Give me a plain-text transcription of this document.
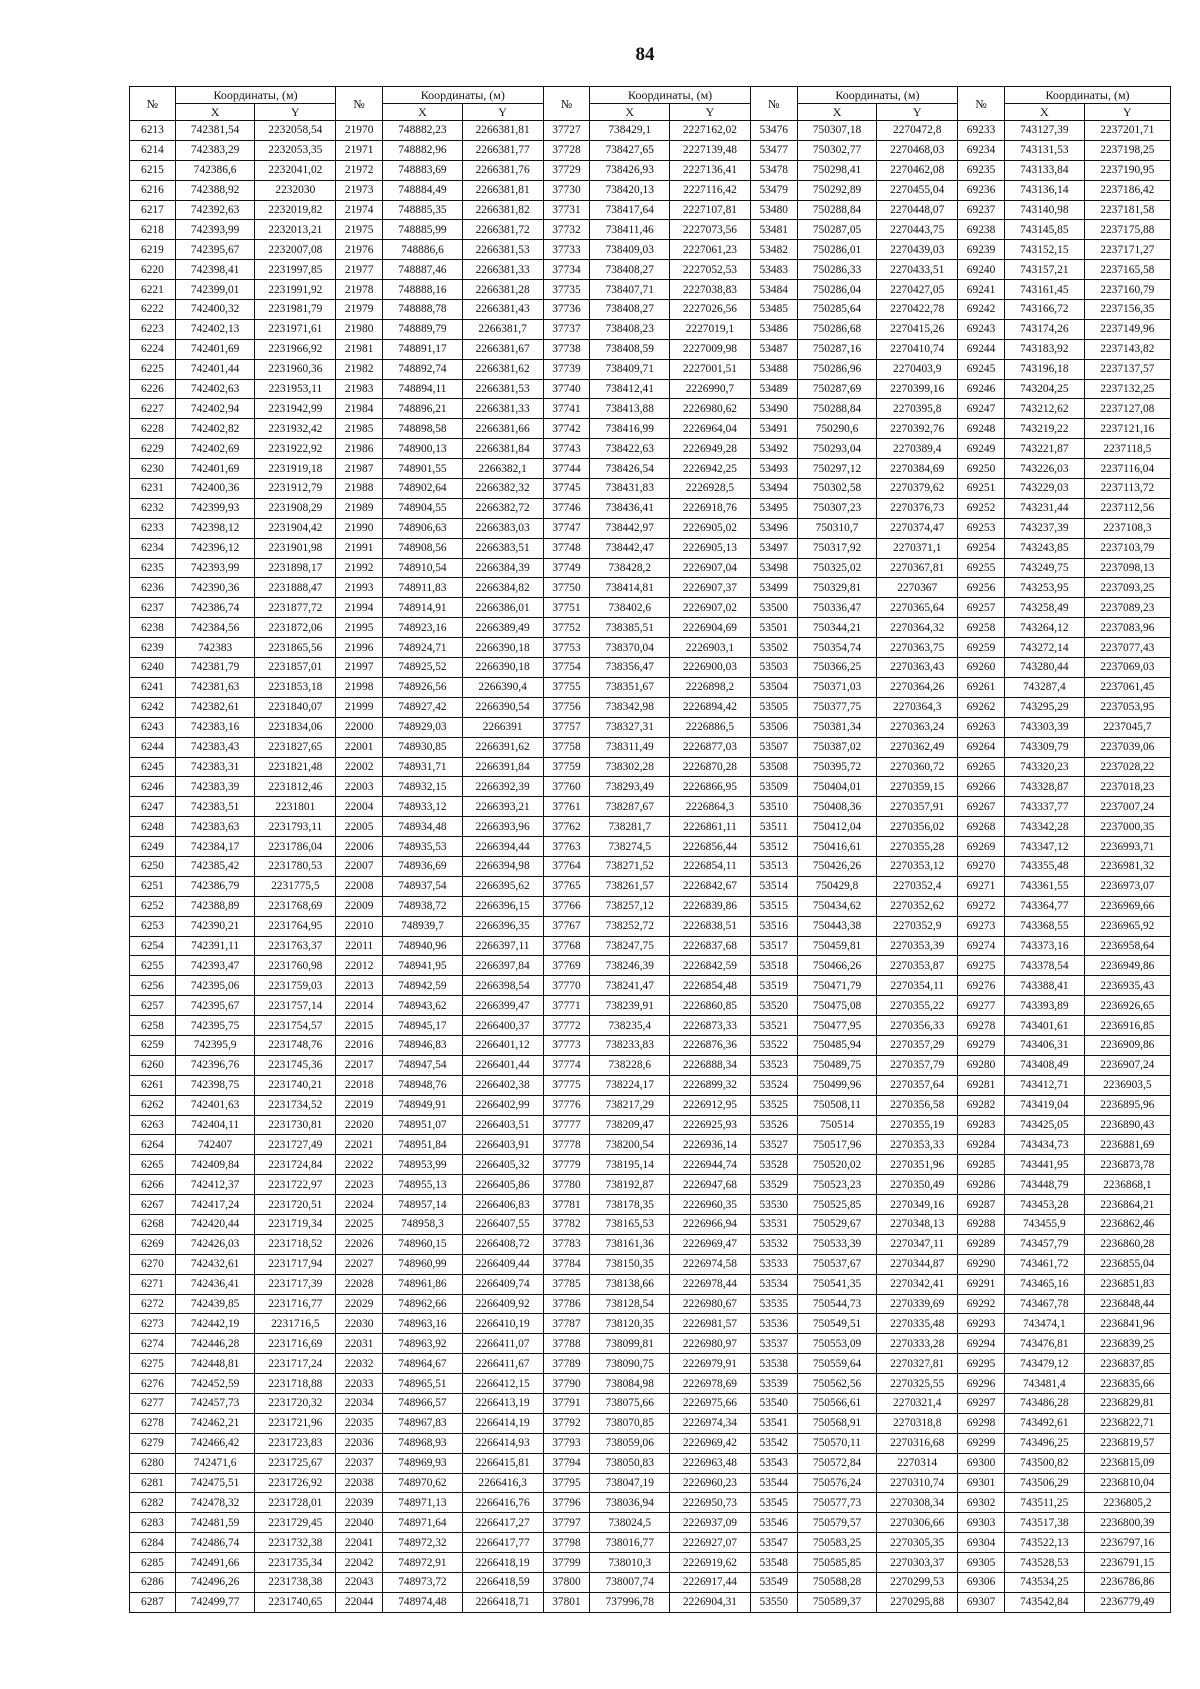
84
№	Координаты, (м)		№	Координаты, (м)		№	Координаты, (м)		№	Координаты, (м)		№	Координаты, (м)	
	X	Y		X	Y		X	Y		X	Y		X	Y
6213	742381,54	2232058,54	21970	748882,23	2266381,81	37727	738429,1	2227162,02	53476	750307,18	2270472,8	69233	743127,39	2237201,71
6214	742383,29	2232053,35	21971	748882,96	2266381,77	37728	738427,65	2227139,48	53477	750302,77	2270468,03	69234	743131,53	2237198,25
6215	742386,6	2232041,02	21972	748883,69	2266381,76	37729	738426,93	2227136,41	53478	750298,41	2270462,08	69235	743133,84	2237190,95
6216	742388,92	2232030	21973	748884,49	2266381,81	37730	738420,13	2227116,42	53479	750292,89	2270455,04	69236	743136,14	2237186,42
6217	742392,63	2232019,82	21974	748885,35	2266381,82	37731	738417,64	2227107,81	53480	750288,84	2270448,07	69237	743140,98	2237181,58
6218	742393,99	2232013,21	21975	748885,99	2266381,72	37732	738411,46	2227073,56	53481	750287,05	2270443,75	69238	743145,85	2237175,88
6219	742395,67	2232007,08	21976	748886,6	2266381,53	37733	738409,03	2227061,23	53482	750286,01	2270439,03	69239	743152,15	2237171,27
6220	742398,41	2231997,85	21977	748887,46	2266381,33	37734	738408,27	2227052,53	53483	750286,33	2270433,51	69240	743157,21	2237165,58
6221	742399,01	2231991,92	21978	748888,16	2266381,28	37735	738407,71	2227038,83	53484	750286,04	2270427,05	69241	743161,45	2237160,79
6222	742400,32	2231981,79	21979	748888,78	2266381,43	37736	738408,27	2227026,56	53485	750285,64	2270422,78	69242	743166,72	2237156,35
6223	742402,13	2231971,61	21980	748889,79	2266381,7	37737	738408,23	2227019,1	53486	750286,68	2270415,26	69243	743174,26	2237149,96
6224	742401,69	2231966,92	21981	748891,17	2266381,67	37738	738408,59	2227009,98	53487	750287,16	2270410,74	69244	743183,92	2237143,82
6225	742401,44	2231960,36	21982	748892,74	2266381,62	37739	738409,71	2227001,51	53488	750286,96	2270403,9	69245	743196,18	2237137,57
6226	742402,63	2231953,11	21983	748894,11	2266381,53	37740	738412,41	2226990,7	53489	750287,69	2270399,16	69246	743204,25	2237132,25
6227	742402,94	2231942,99	21984	748896,21	2266381,33	37741	738413,88	2226980,62	53490	750288,84	2270395,8	69247	743212,62	2237127,08
6228	742402,82	2231932,42	21985	748898,58	2266381,66	37742	738416,99	2226964,04	53491	750290,6	2270392,76	69248	743219,22	2237121,16
6229	742402,69	2231922,92	21986	748900,13	2266381,84	37743	738422,63	2226949,28	53492	750293,04	2270389,4	69249	743221,87	2237118,5
6230	742401,69	2231919,18	21987	748901,55	2266382,1	37744	738426,54	2226942,25	53493	750297,12	2270384,69	69250	743226,03	2237116,04
6231	742400,36	2231912,79	21988	748902,64	2266382,32	37745	738431,83	2226928,5	53494	750302,58	2270379,62	69251	743229,03	2237113,72
6232	742399,93	2231908,29	21989	748904,55	2266382,72	37746	738436,41	2226918,76	53495	750307,23	2270376,73	69252	743231,44	2237112,56
6233	742398,12	2231904,42	21990	748906,63	2266383,03	37747	738442,97	2226905,02	53496	750310,7	2270374,47	69253	743237,39	2237108,3
6234	742396,12	2231901,98	21991	748908,56	2266383,51	37748	738442,47	2226905,13	53497	750317,92	2270371,1	69254	743243,85	2237103,79
6235	742393,99	2231898,17	21992	748910,54	2266384,39	37749	738428,2	2226907,04	53498	750325,02	2270367,81	69255	743249,75	2237098,13
6236	742390,36	2231888,47	21993	748911,83	2266384,82	37750	738414,81	2226907,37	53499	750329,81	2270367	69256	743253,95	2237093,25
6237	742386,74	2231877,72	21994	748914,91	2266386,01	37751	738402,6	2226907,02	53500	750336,47	2270365,64	69257	743258,49	2237089,23
6238	742384,56	2231872,06	21995	748923,16	2266389,49	37752	738385,51	2226904,69	53501	750344,21	2270364,32	69258	743264,12	2237083,96
6239	742383	2231865,56	21996	748924,71	2266390,18	37753	738370,04	2226903,1	53502	750354,74	2270363,75	69259	743272,14	2237077,43
6240	742381,79	2231857,01	21997	748925,52	2266390,18	37754	738356,47	2226900,03	53503	750366,25	2270363,43	69260	743280,44	2237069,03
6241	742381,63	2231853,18	21998	748926,56	2266390,4	37755	738351,67	2226898,2	53504	750371,03	2270364,26	69261	743287,4	2237061,45
6242	742382,61	2231840,07	21999	748927,42	2266390,54	37756	738342,98	2226894,42	53505	750377,75	2270364,3	69262	743295,29	2237053,95
6243	742383,16	2231834,06	22000	748929,03	2266391	37757	738327,31	2226886,5	53506	750381,34	2270363,24	69263	743303,39	2237045,7
6244	742383,43	2231827,65	22001	748930,85	2266391,62	37758	738311,49	2226877,03	53507	750387,02	2270362,49	69264	743309,79	2237039,06
6245	742383,31	2231821,48	22002	748931,71	2266391,84	37759	738302,28	2226870,28	53508	750395,72	2270360,72	69265	743320,23	2237028,22
6246	742383,39	2231812,46	22003	748932,15	2266392,39	37760	738293,49	2226866,95	53509	750404,01	2270359,15	69266	743328,87	2237018,23
6247	742383,51	2231801	22004	748933,12	2266393,21	37761	738287,67	2226864,3	53510	750408,36	2270357,91	69267	743337,77	2237007,24
6248	742383,63	2231793,11	22005	748934,48	2266393,96	37762	738281,7	2226861,11	53511	750412,04	2270356,02	69268	743342,28	2237000,35
6249	742384,17	2231786,04	22006	748935,53	2266394,44	37763	738274,5	2226856,44	53512	750416,61	2270355,28	69269	743347,12	2236993,71
6250	742385,42	2231780,53	22007	748936,69	2266394,98	37764	738271,52	2226854,11	53513	750426,26	2270353,12	69270	743355,48	2236981,32
6251	742386,79	2231775,5	22008	748937,54	2266395,62	37765	738261,57	2226842,67	53514	750429,8	2270352,4	69271	743361,55	2236973,07
6252	742388,89	2231768,69	22009	748938,72	2266396,15	37766	738257,12	2226839,86	53515	750434,62	2270352,62	69272	743364,77	2236969,66
6253	742390,21	2231764,95	22010	748939,7	2266396,35	37767	738252,72	2226838,51	53516	750443,38	2270352,9	69273	743368,55	2236965,92
6254	742391,11	2231763,37	22011	748940,96	2266397,11	37768	738247,75	2226837,68	53517	750459,81	2270353,39	69274	743373,16	2236958,64
6255	742393,47	2231760,98	22012	748941,95	2266397,84	37769	738246,39	2226842,59	53518	750466,26	2270353,87	69275	743378,54	2236949,86
6256	742395,06	2231759,03	22013	748942,59	2266398,54	37770	738241,47	2226854,48	53519	750471,79	2270354,11	69276	743388,41	2236935,43
6257	742395,67	2231757,14	22014	748943,62	2266399,47	37771	738239,91	2226860,85	53520	750475,08	2270355,22	69277	743393,89	2236926,65
6258	742395,75	2231754,57	22015	748945,17	2266400,37	37772	738235,4	2226873,33	53521	750477,95	2270356,33	69278	743401,61	2236916,85
6259	742395,9	2231748,76	22016	748946,83	2266401,12	37773	738233,83	2226876,36	53522	750485,94	2270357,29	69279	743406,31	2236909,86
6260	742396,76	2231745,36	22017	748947,54	2266401,44	37774	738228,6	2226888,34	53523	750489,75	2270357,79	69280	743408,49	2236907,24
6261	742398,75	2231740,21	22018	748948,76	2266402,38	37775	738224,17	2226899,32	53524	750499,96	2270357,64	69281	743412,71	2236903,5
6262	742401,63	2231734,52	22019	748949,91	2266402,99	37776	738217,29	2226912,95	53525	750508,11	2270356,58	69282	743419,04	2236895,96
6263	742404,11	2231730,81	22020	748951,07	2266403,51	37777	738209,47	2226925,93	53526	750514	2270355,19	69283	743425,05	2236890,43
6264	742407	2231727,49	22021	748951,84	2266403,91	37778	738200,54	2226936,14	53527	750517,96	2270353,33	69284	743434,73	2236881,69
6265	742409,84	2231724,84	22022	748953,99	2266405,32	37779	738195,14	2226944,74	53528	750520,02	2270351,96	69285	743441,95	2236873,78
6266	742412,37	2231722,97	22023	748955,13	2266405,86	37780	738192,87	2226947,68	53529	750523,23	2270350,49	69286	743448,79	2236868,1
6267	742417,24	2231720,51	22024	748957,14	2266406,83	37781	738178,35	2226960,35	53530	750525,85	2270349,16	69287	743453,28	2236864,21
6268	742420,44	2231719,34	22025	748958,3	2266407,55	37782	738165,53	2226966,94	53531	750529,67	2270348,13	69288	743455,9	2236862,46
6269	742426,03	2231718,52	22026	748960,15	2266408,72	37783	738161,36	2226969,47	53532	750533,39	2270347,11	69289	743457,79	2236860,28
6270	742432,61	2231717,94	22027	748960,99	2266409,44	37784	738150,35	2226974,58	53533	750537,67	2270344,87	69290	743461,72	2236855,04
6271	742436,41	2231717,39	22028	748961,86	2266409,74	37785	738138,66	2226978,44	53534	750541,35	2270342,41	69291	743465,16	2236851,83
6272	742439,85	2231716,77	22029	748962,66	2266409,92	37786	738128,54	2226980,67	53535	750544,73	2270339,69	69292	743467,78	2236848,44
6273	742442,19	2231716,5	22030	748963,16	2266410,19	37787	738120,35	2226981,57	53536	750549,51	2270335,48	69293	743474,1	2236841,96
6274	742446,28	2231716,69	22031	748963,92	2266411,07	37788	738099,81	2226980,97	53537	750553,09	2270333,28	69294	743476,81	2236839,25
6275	742448,81	2231717,24	22032	748964,67	2266411,67	37789	738090,75	2226979,91	53538	750559,64	2270327,81	69295	743479,12	2236837,85
6276	742452,59	2231718,88	22033	748965,51	2266412,15	37790	738084,98	2226978,69	53539	750562,56	2270325,55	69296	743481,4	2236835,66
6277	742457,73	2231720,32	22034	748966,57	2266413,19	37791	738075,66	2226975,66	53540	750566,61	2270321,4	69297	743486,28	2236829,81
6278	742462,21	2231721,96	22035	748967,83	2266414,19	37792	738070,85	2226974,34	53541	750568,91	2270318,8	69298	743492,61	2236822,71
6279	742466,42	2231723,83	22036	748968,93	2266414,93	37793	738059,06	2226969,42	53542	750570,11	2270316,68	69299	743496,25	2236819,57
6280	742471,6	2231725,67	22037	748969,93	2266415,81	37794	738050,83	2226963,48	53543	750572,84	2270314	69300	743500,82	2236815,09
6281	742475,51	2231726,92	22038	748970,62	2266416,3	37795	738047,19	2226960,23	53544	750576,24	2270310,74	69301	743506,29	2236810,04
6282	742478,32	2231728,01	22039	748971,13	2266416,76	37796	738036,94	2226950,73	53545	750577,73	2270308,34	69302	743511,25	2236805,2
6283	742481,59	2231729,45	22040	748971,64	2266417,27	37797	738024,5	2226937,09	53546	750579,57	2270306,66	69303	743517,38	2236800,39
6284	742486,74	2231732,38	22041	748972,32	2266417,77	37798	738016,77	2226927,07	53547	750583,25	2270305,35	69304	743522,13	2236797,16
6285	742491,66	2231735,34	22042	748972,91	2266418,19	37799	738010,3	2226919,62	53548	750585,85	2270303,37	69305	743528,53	2236791,15
6286	742496,26	2231738,38	22043	748973,72	2266418,59	37800	738007,74	2226917,44	53549	750588,28	2270299,53	69306	743534,25	2236786,86
6287	742499,77	2231740,65	22044	748974,48	2266418,71	37801	737996,78	2226904,31	53550	750589,37	2270295,88	69307	743542,84	2236779,49
